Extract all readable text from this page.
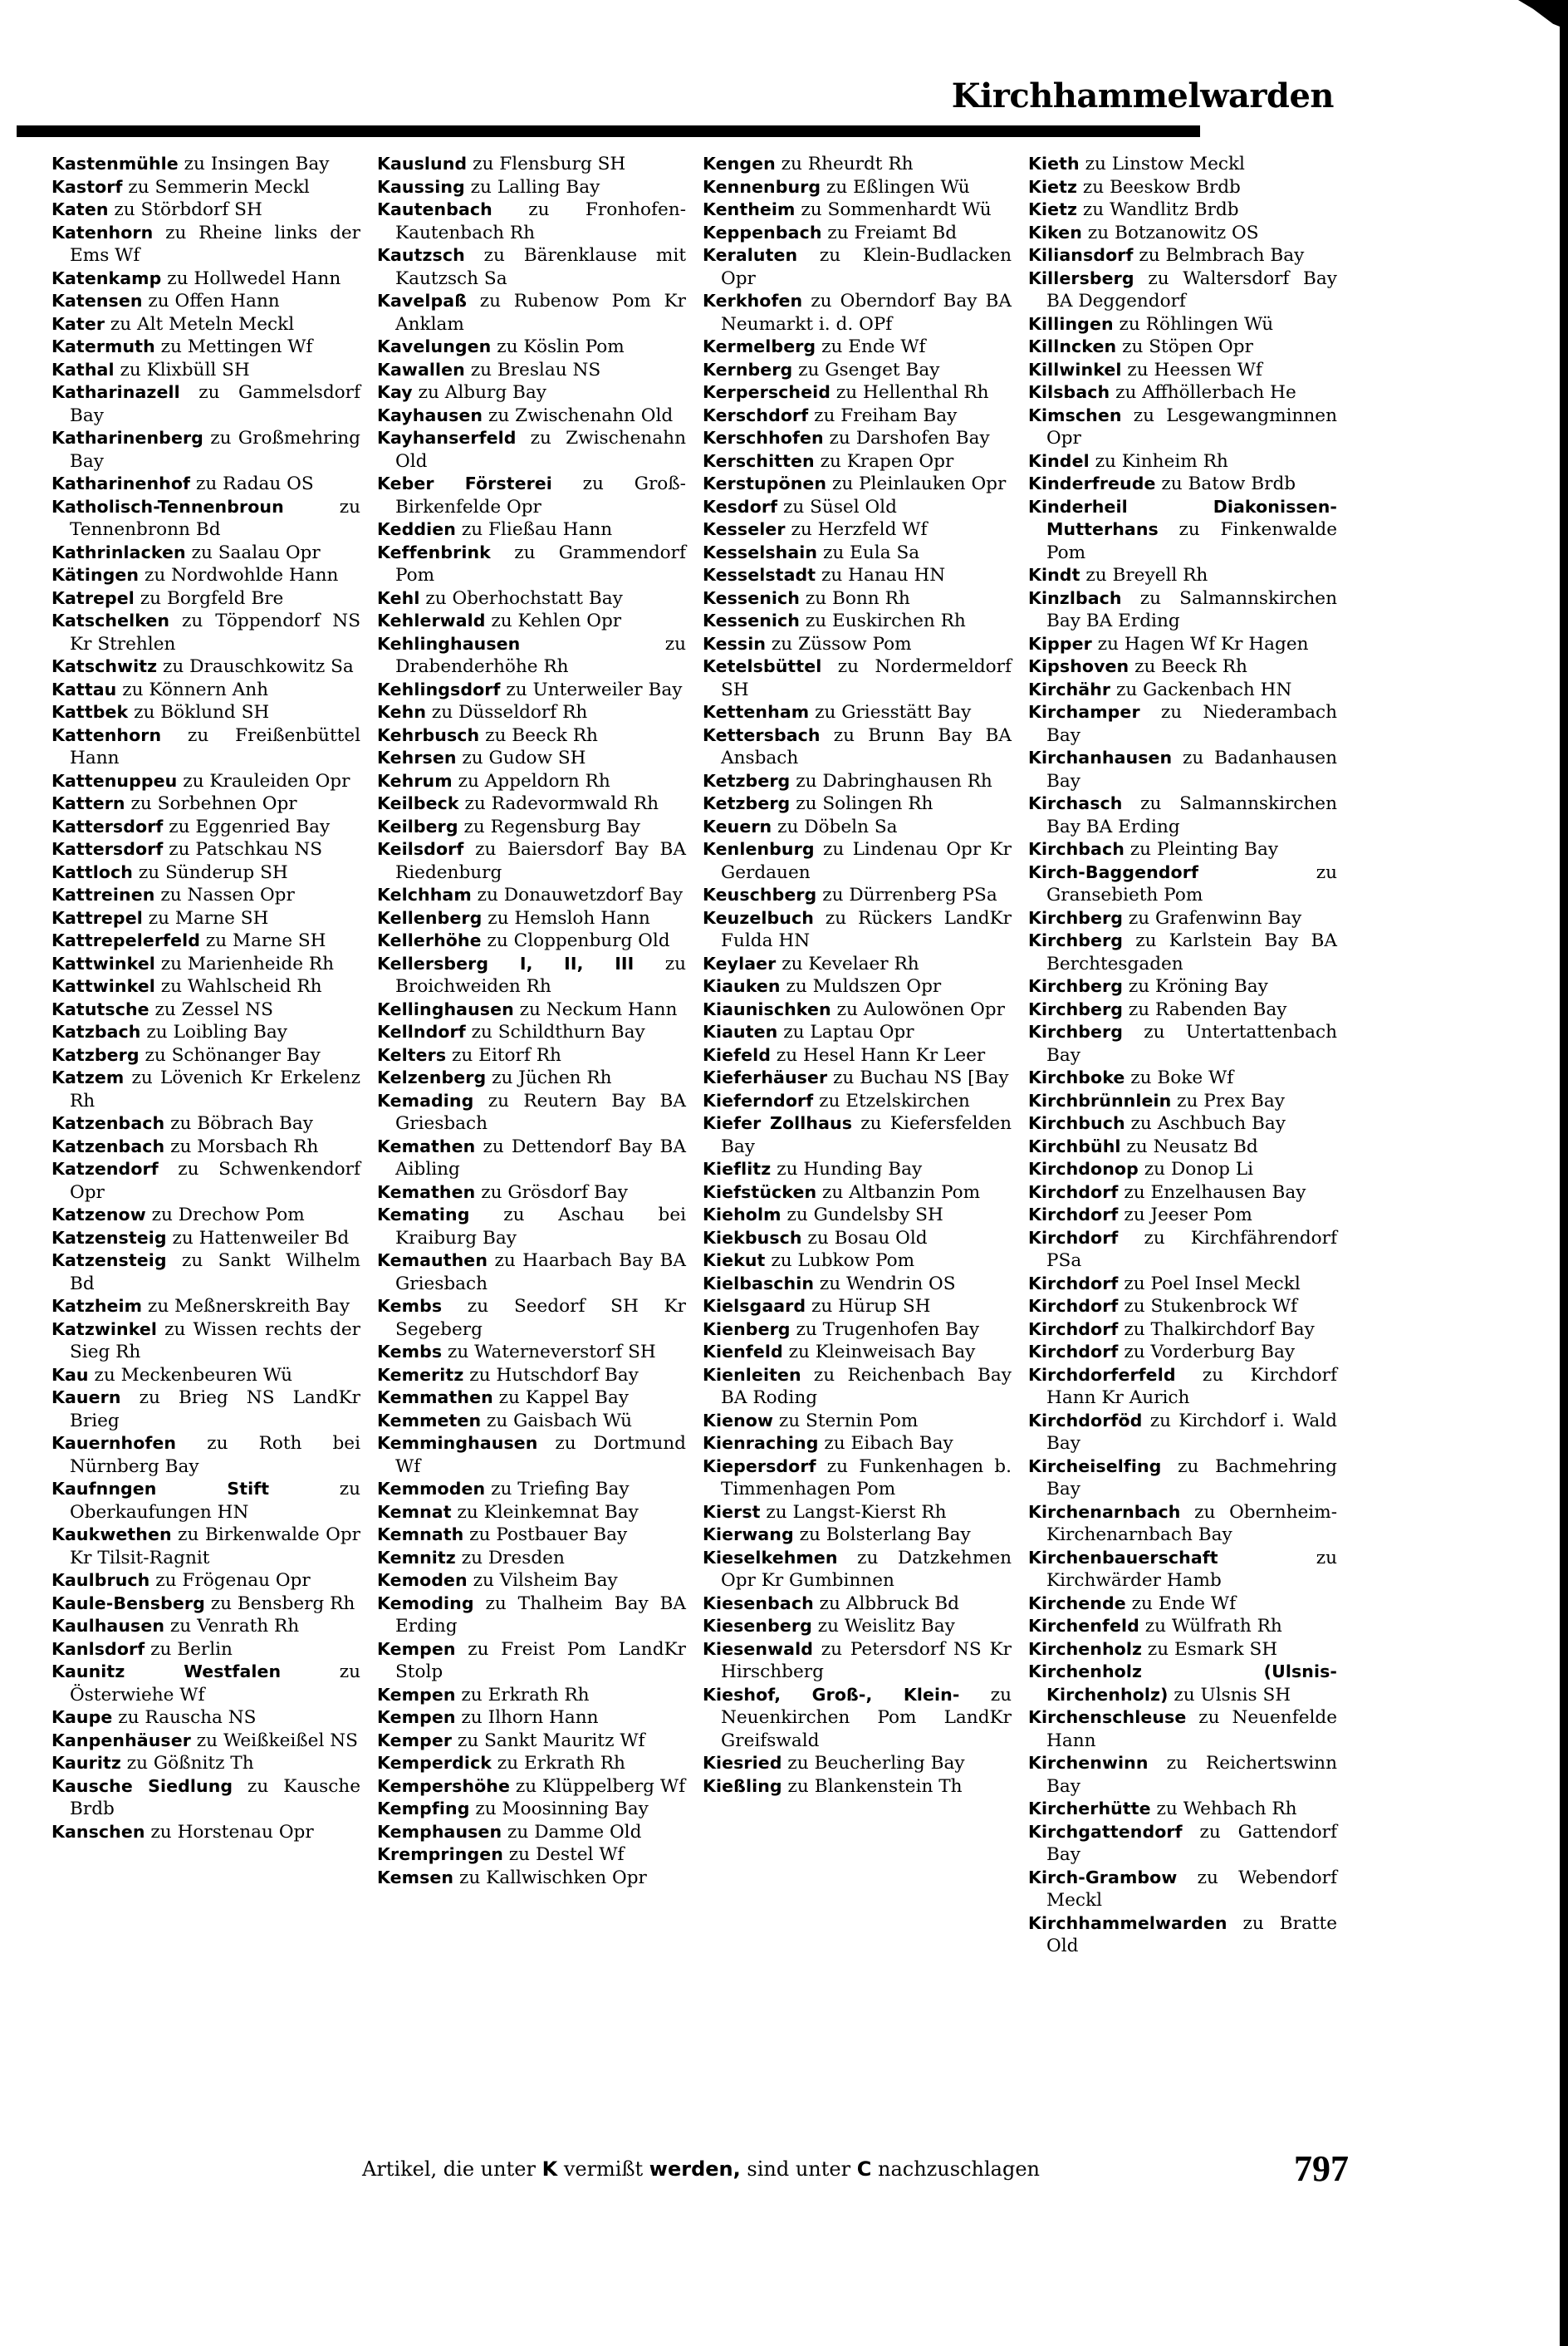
Kirchhammelwarden
Kastenmühle zu Insingen Bay
Kastorf zu Semmerin Meckl
Katen zu Störbdorf SH
Katenhorn zu Rheine links der Ems Wf
Katenkamp zu Hollwedel Hann
Katensen zu Offen Hann
Kater zu Alt Meteln Meckl
Katermuth zu Mettingen Wf
Kathal zu Klixbüll SH
Katharinazell zu Gammelsdorf Bay
Katharinenberg zu Großmehring Bay
Katharinenhof zu Radau OS
Katholisch-Tennenbroun zu Tennenbronn Bd
Kathrinlacken zu Saalau Opr
Kätingen zu Nordwohlde Hann
Katrepel zu Borgfeld Bre
Katschelken zu Töppendorf NS Kr Strehlen
Katschwitz zu Drauschkowitz Sa
Kattau zu Könnern Anh
Kattbek zu Böklund SH
Kattenhorn zu Freißenbüttel Hann
Kattenuppeu zu Krauleiden Opr
Kattern zu Sorbehnen Opr
Kattersdorf zu Eggenried Bay
Kattersdorf zu Patschkau NS
Kattloch zu Sünderup SH
Kattreinen zu Nassen Opr
Kattrepel zu Marne SH
Kattrepelerfeld zu Marne SH
Kattwinkel zu Marienheide Rh
Kattwinkel zu Wahlscheid Rh
Katutsche zu Zessel NS
Katzbach zu Loibling Bay
Katzberg zu Schönanger Bay
Katzem zu Lövenich Kr Erkelenz Rh
Katzenbach zu Böbrach Bay
Katzenbach zu Morsbach Rh
Katzendorf zu Schwenkendorf Opr
Katzenow zu Drechow Pom
Katzensteig zu Hattenweiler Bd
Katzensteig zu Sankt Wilhelm Bd
Katzheim zu Meßnerskreith Bay
Katzwinkel zu Wissen rechts der Sieg Rh
Kau zu Meckenbeuren Wü
Kauern zu Brieg NS LandKr Brieg
Kauernhofen zu Roth bei Nürnberg Bay
Kaufnngen Stift zu Oberkaufungen HN
Kaukwethen zu Birkenwalde Opr Kr Tilsit-Ragnit
Kaulbruch zu Frögenau Opr
Kaule-Bensberg zu Bensberg Rh
Kaulhausen zu Venrath Rh
Kanlsdorf zu Berlin
Kaunitz Westfalen zu Österwiehe Wf
Kaupe zu Rauscha NS
Kanpenhäuser zu Weißkeißel NS
Kauritz zu Gößnitz Th
Kausche Siedlung zu Kausche Brdb
Kanschen zu Horstenau Opr
Kauslund zu Flensburg SH
Kaussing zu Lalling Bay
Kautenbach zu Fronhofen-Kautenbach Rh
Kautzsch zu Bärenklause mit Kautzsch Sa
Kavelpaß zu Rubenow Pom Kr Anklam
Kavelungen zu Köslin Pom
Kawallen zu Breslau NS
Kay zu Alburg Bay
Kayhausen zu Zwischenahn Old
Kayhanserfeld zu Zwischenahn Old
Keber Försterei zu Groß-Birkenfelde Opr
Keddien zu Fließau Hann
Keffenbrink zu Grammendorf Pom
Kehl zu Oberhochstatt Bay
Kehlerwald zu Kehlen Opr
Kehlinghausen zu Drabenderhöhe Rh
Kehlingsdorf zu Unterweiler Bay
Kehn zu Düsseldorf Rh
Kehrbusch zu Beeck Rh
Kehrsen zu Gudow SH
Kehrum zu Appeldorn Rh
Keilbeck zu Radevormwald Rh
Keilberg zu Regensburg Bay
Keilsdorf zu Baiersdorf Bay BA Riedenburg
Kelchham zu Donauwetzdorf Bay
Kellenberg zu Hemsloh Hann
Kellerhöhe zu Cloppenburg Old
Kellersberg I, II, III zu Broichweiden Rh
Kellinghausen zu Neckum Hann
Kellndorf zu Schildthurn Bay
Kelters zu Eitorf Rh
Kelzenberg zu Jüchen Rh
Kemading zu Reutern Bay BA Griesbach
Kemathen zu Dettendorf Bay BA Aibling
Kemathen zu Grösdorf Bay
Kemating zu Aschau bei Kraiburg Bay
Kemauthen zu Haarbach Bay BA Griesbach
Kembs zu Seedorf SH Kr Segeberg
Kembs zu Waterneverstorf SH
Kemeritz zu Hutschdorf Bay
Kemmathen zu Kappel Bay
Kemmeten zu Gaisbach Wü
Kemminghausen zu Dortmund Wf
Kemmoden zu Triefing Bay
Kemnat zu Kleinkemnat Bay
Kemnath zu Postbauer Bay
Kemnitz zu Dresden
Kemoden zu Vilsheim Bay
Kemoding zu Thalheim Bay BA Erding
Kempen zu Freist Pom LandKr Stolp
Kempen zu Erkrath Rh
Kempen zu Ilhorn Hann
Kemper zu Sankt Mauritz Wf
Kemperdick zu Erkrath Rh
Kempershöhe zu Klüppelberg Wf
Kempfing zu Moosinning Bay
Kemphausen zu Damme Old
Krempringen zu Destel Wf
Kemsen zu Kallwischken Opr
Kengen zu Rheurdt Rh
Kennenburg zu Eßlingen Wü
Kentheim zu Sommenhardt Wü
Keppenbach zu Freiamt Bd
Keraluten zu Klein-Budlacken Opr
Kerkhofen zu Oberndorf Bay BA Neumarkt i. d. OPf
Kermelberg zu Ende Wf
Kernberg zu Gsenget Bay
Kerperscheid zu Hellenthal Rh
Kerschdorf zu Freiham Bay
Kerschhofen zu Darshofen Bay
Kerschitten zu Krapen Opr
Kerstupönen zu Pleinlauken Opr
Kesdorf zu Süsel Old
Kesseler zu Herzfeld Wf
Kesselshain zu Eula Sa
Kesselstadt zu Hanau HN
Kessenich zu Bonn Rh
Kessenich zu Euskirchen Rh
Kessin zu Züssow Pom
Ketelsbüttel zu Nordermeldorf SH
Kettenham zu Griesstätt Bay
Kettersbach zu Brunn Bay BA Ansbach
Ketzberg zu Dabringhausen Rh
Ketzberg zu Solingen Rh
Keuern zu Döbeln Sa
Kenlenburg zu Lindenau Opr Kr Gerdauen
Keuschberg zu Dürrenberg PSa
Keuzelbuch zu Rückers LandKr Fulda HN
Keylaer zu Kevelaer Rh
Kiauken zu Muldszen Opr
Kiaunischken zu Aulowönen Opr
Kiauten zu Laptau Opr
Kiefeld zu Hesel Hann Kr Leer
Kieferhäuser zu Buchau NS [Bay
Kieferndorf zu Etzelskirchen
Kiefer Zollhaus zu Kiefersfelden Bay
Kieflitz zu Hunding Bay
Kiefstücken zu Altbanzin Pom
Kieholm zu Gundelsby SH
Kiekbusch zu Bosau Old
Kiekut zu Lubkow Pom
Kielbaschin zu Wendrin OS
Kielsgaard zu Hürup SH
Kienberg zu Trugenhofen Bay
Kienfeld zu Kleinweisach Bay
Kienleiten zu Reichenbach Bay BA Roding
Kienow zu Sternin Pom
Kienraching zu Eibach Bay
Kiepersdorf zu Funkenhagen b. Timmenhagen Pom
Kierst zu Langst-Kierst Rh
Kierwang zu Bolsterlang Bay
Kieselkehmen zu Datzkehmen Opr Kr Gumbinnen
Kiesenbach zu Albbruck Bd
Kiesenberg zu Weislitz Bay
Kiesenwald zu Petersdorf NS Kr Hirschberg
Kieshof, Groß-, Klein- zu Neuenkirchen Pom LandKr Greifswald
Kiesried zu Beucherling Bay
Kießling zu Blankenstein Th
Kieth zu Linstow Meckl
Kietz zu Beeskow Brdb
Kietz zu Wandlitz Brdb
Kiken zu Botzanowitz OS
Kiliansdorf zu Belmbrach Bay
Killersberg zu Waltersdorf Bay BA Deggendorf
Killingen zu Röhlingen Wü
Killncken zu Stöpen Opr
Killwinkel zu Heessen Wf
Kilsbach zu Affhöllerbach He
Kimschen zu Lesgewangminnen Opr
Kindel zu Kinheim Rh
Kinderfreude zu Batow Brdb
Kinderheil Diakonissen-Mutterhans zu Finkenwalde Pom
Kindt zu Breyell Rh
Kinzlbach zu Salmannskirchen Bay BA Erding
Kipper zu Hagen Wf Kr Hagen
Kipshoven zu Beeck Rh
Kirchähr zu Gackenbach HN
Kirchamper zu Niederambach Bay
Kirchanhausen zu Badanhausen Bay
Kirchasch zu Salmannskirchen Bay BA Erding
Kirchbach zu Pleinting Bay
Kirch-Baggendorf zu Gransebieth Pom
Kirchberg zu Grafenwinn Bay
Kirchberg zu Karlstein Bay BA Berchtesgaden
Kirchberg zu Kröning Bay
Kirchberg zu Rabenden Bay
Kirchberg zu Untertattenbach Bay
Kirchboke zu Boke Wf
Kirchbrünnlein zu Prex Bay
Kirchbuch zu Aschbuch Bay
Kirchbühl zu Neusatz Bd
Kirchdonop zu Donop Li
Kirchdorf zu Enzelhausen Bay
Kirchdorf zu Jeeser Pom
Kirchdorf zu Kirchfährendorf PSa
Kirchdorf zu Poel Insel Meckl
Kirchdorf zu Stukenbrock Wf
Kirchdorf zu Thalkirchdorf Bay
Kirchdorf zu Vorderburg Bay
Kirchdorferfeld zu Kirchdorf Hann Kr Aurich
Kirchdorföd zu Kirchdorf i. Wald Bay
Kircheiselfing zu Bachmehring Bay
Kirchenarnbach zu Obernheim-Kirchenarnbach Bay
Kirchenbauerschaft zu Kirchwärder Hamb
Kirchende zu Ende Wf
Kirchenfeld zu Wülfrath Rh
Kirchenholz zu Esmark SH
Kirchenholz (Ulsnis-Kirchenholz) zu Ulsnis SH
Kirchenschleuse zu Neuenfelde Hann
Kirchenwinn zu Reichertswinn Bay
Kircherhütte zu Wehbach Rh
Kirchgattendorf zu Gattendorf Bay
Kirch-Grambow zu Webendorf Meckl
Kirchhammelwarden zu Bratte Old
Artikel, die unter K vermißt werden, sind unter C nachzuschlagen	797
